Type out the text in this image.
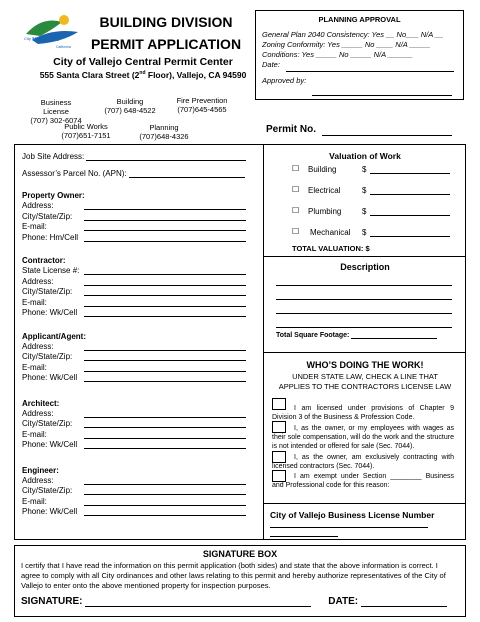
City of
VALLEJO
California
BUILDING DIVISION
PERMIT APPLICATION
City of Vallejo Central Permit Center
555 Santa Clara Street (2nd Floor), Vallejo, CA 94590
Business License
(707) 302-6074
Building
(707) 648-4522
Fire Prevention
(707)645-4565
Public Works
(707)651-7151
Planning
(707)648-4326
PLANNING APPROVAL
General Plan 2040 Consistency: Yes __ No___ N/A __
Zoning Conformity: Yes _____ No ____ N/A _____
Conditions: Yes _____ No _____ N/A ______
Date:
Approved by:
Permit No.
Job Site Address:
Assessor’s Parcel No. (APN):
Property Owner:
Address:
City/State/Zip:
E-mail:
Phone: Hm/Cell
Contractor:
State License #:
Address:
City/State/Zip:
E-mail:
Phone: Wk/Cell
Applicant/Agent:
Address:
City/State/Zip:
E-mail:
Phone: Wk/Cell
Architect:
Address:
City/State/Zip:
E-mail:
Phone: Wk/Cell
Engineer:
Address:
City/State/Zip:
E-mail:
Phone: Wk/Cell
Valuation of Work
☐ Building	$
☐ Electrical	$
☐ Plumbing	$
☐ Mechanical $
TOTAL VALUATION: $
Description
Total Square Footage:
WHO’S DOING THE WORK!
UNDER STATE LAW, CHECK A LINE THAT APPLIES TO THE CONTRACTORS LICENSE LAW
I am licensed under provisions of Chapter 9 Division 3 of the Business & Profession Code.
I, as the owner, or my employees with wages as their sole compensation, will do the work and the structure is not intended or offered for sale (Sec. 7044).
I, as the owner, am exclusively contracting with licensed contractors (Sec. 7044).
I am exempt under Section ________ Business and Professional code for this reason:
City of Vallejo Business License Number
SIGNATURE BOX
I certify that I have read the information on this permit application (both sides) and state that the above information is correct. I agree to comply with all City ordinances and other laws relating to this permit and hereby authorize representatives of the City of Vallejo to enter onto the above mentioned property for inspection purposes.
SIGNATURE:	DATE:
